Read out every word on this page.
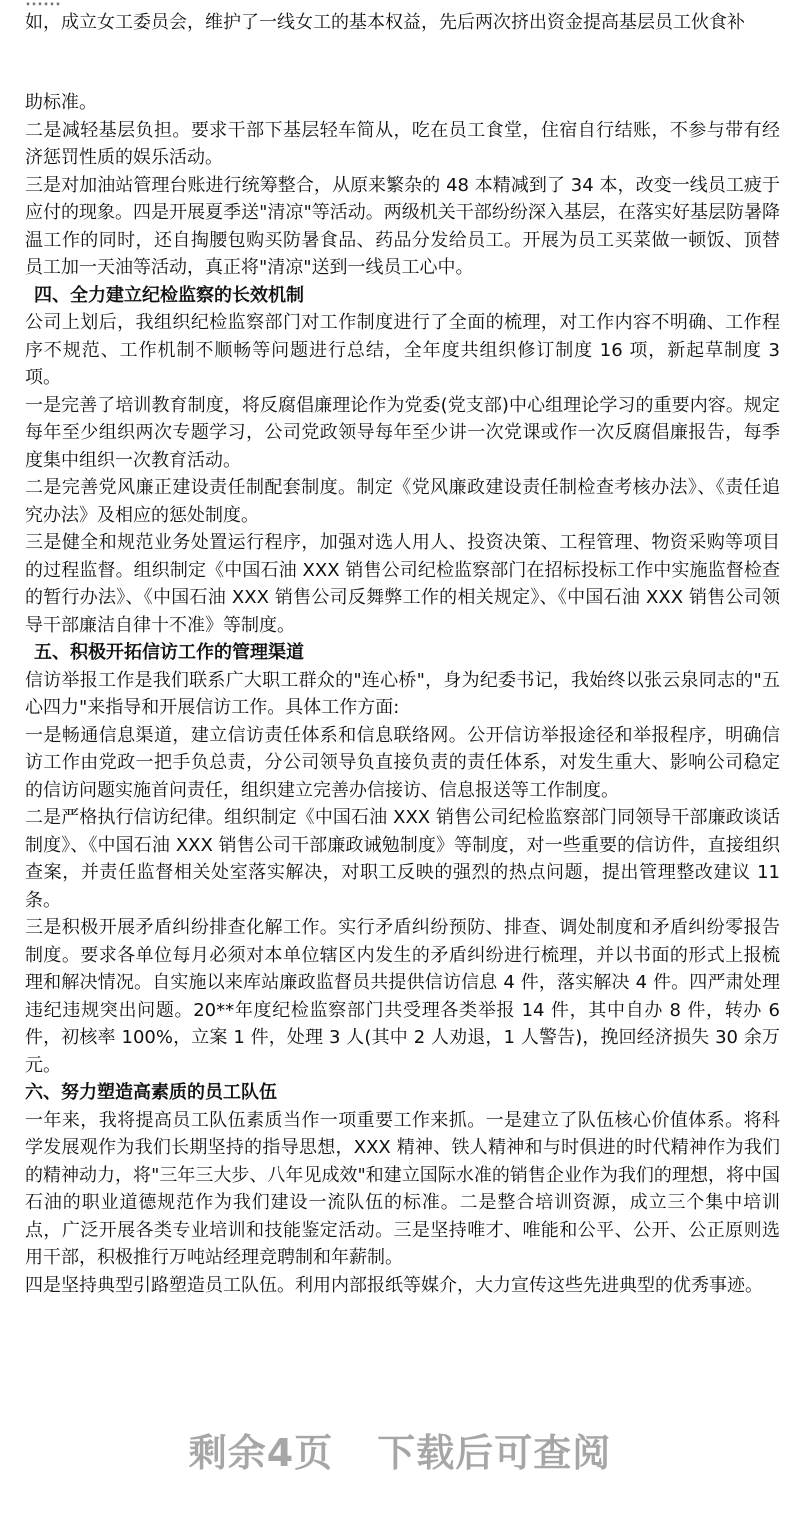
如，成立女工委员会，维护了一线女工的基本权益，先后两次挤出资金提高基层员工伙食补

助标准。

二是减轻基层负担。要求干部下基层轻车简从，吃在员工食堂，住宿自行结账，不参与带有经济惩罚性质的娱乐活动。

三是对加油站管理台账进行统筹整合，从原来繁杂的 48 本精减到了 34 本，改变一线员工疲于应付的现象。四是开展夏季送"清凉"等活动。两级机关干部纷纷深入基层，在落实好基层防暑降温工作的同时，还自掏腰包购买防暑食品、药品分发给员工。开展为员工买菜做一顿饭、顶替员工加一天油等活动，真正将"清凉"送到一线员工心中。

四、全力建立纪检监察的长效机制

公司上划后，我组织纪检监察部门对工作制度进行了全面的梳理，对工作内容不明确、工作程序不规范、工作机制不顺畅等问题进行总结，全年度共组织修订制度 16 项，新起草制度 3 项。

一是完善了培训教育制度，将反腐倡廉理论作为党委(党支部)中心组理论学习的重要内容。规定每年至少组织两次专题学习，公司党政领导每年至少讲一次党课或作一次反腐倡廉报告，每季度集中组织一次教育活动。

二是完善党风廉正建设责任制配套制度。制定《党风廉政建设责任制检查考核办法》、《责任追究办法》及相应的惩处制度。

三是健全和规范业务处置运行程序，加强对选人用人、投资决策、工程管理、物资采购等项目的过程监督。组织制定《中国石油 XXX 销售公司纪检监察部门在招标投标工作中实施监督检查的暂行办法》、《中国石油 XXX 销售公司反舞弊工作的相关规定》、《中国石油 XXX 销售公司领导干部廉洁自律十不准》等制度。

五、积极开拓信访工作的管理渠道

信访举报工作是我们联系广大职工群众的"连心桥"，身为纪委书记，我始终以张云泉同志的"五心四力"来指导和开展信访工作。具体工作方面:

一是畅通信息渠道，建立信访责任体系和信息联络网。公开信访举报途径和举报程序，明确信访工作由党政一把手负总责，分公司领导负直接负责的责任体系，对发生重大、影响公司稳定的信访问题实施首问责任，组织建立完善办信接访、信息报送等工作制度。

二是严格执行信访纪律。组织制定《中国石油 XXX 销售公司纪检监察部门同领导干部廉政谈话制度》、《中国石油 XXX 销售公司干部廉政诫勉制度》等制度，对一些重要的信访件，直接组织查案，并责任监督相关处室落实解决，对职工反映的强烈的热点问题，提出管理整改建议 11 条。

三是积极开展矛盾纠纷排查化解工作。实行矛盾纠纷预防、排查、调处制度和矛盾纠纷零报告制度。要求各单位每月必须对本单位辖区内发生的矛盾纠纷进行梳理，并以书面的形式上报梳理和解决情况。自实施以来库站廉政监督员共提供信访信息 4 件，落实解决 4 件。四严肃处理违纪违规突出问题。20**年度纪检监察部门共受理各类举报 14 件，其中自办 8 件，转办 6 件，初核率 100%，立案 1 件，处理 3 人(其中 2 人劝退，1 人警告)，挽回经济损失 30 余万元。

六、努力塑造高素质的员工队伍

一年来，我将提高员工队伍素质当作一项重要工作来抓。一是建立了队伍核心价值体系。将科学发展观作为我们长期坚持的指导思想，XXX 精神、铁人精神和与时俱进的时代精神作为我们的精神动力，将"三年三大步、八年见成效"和建立国际水准的销售企业作为我们的理想，将中国石油的职业道德规范作为我们建设一流队伍的标准。二是整合培训资源，成立三个集中培训点，广泛开展各类专业培训和技能鉴定活动。三是坚持唯才、唯能和公平、公开、公正原则选用干部，积极推行万吨站经理竞聘制和年薪制。

四是坚持典型引路塑造员工队伍。利用内部报纸等媒介，大力宣传这些先进典型的优秀事迹。

剩余4页 下载后可查阅
